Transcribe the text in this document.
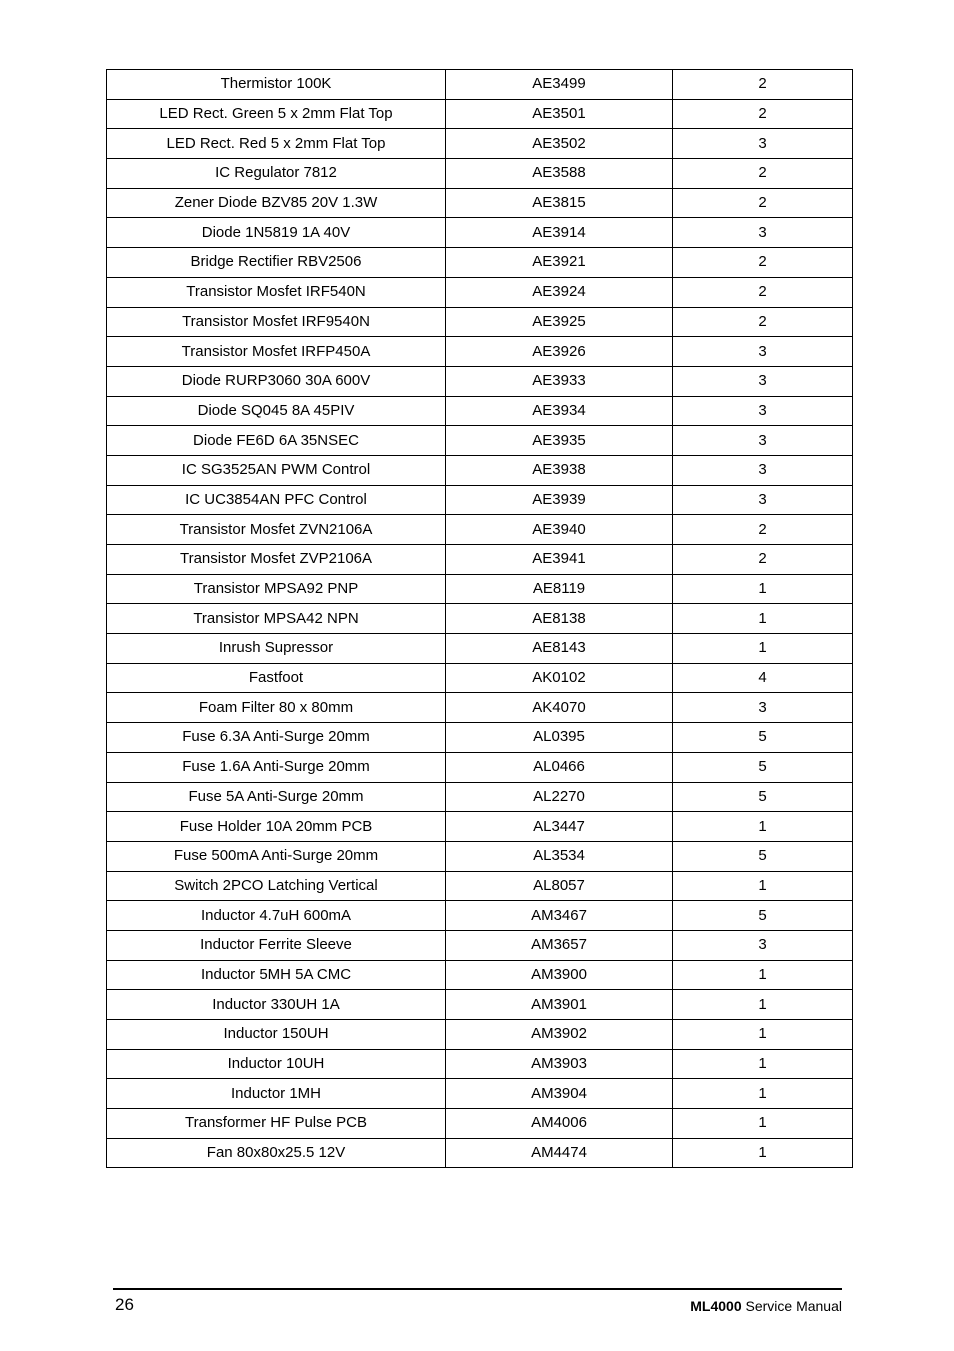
Thermistor 100K	AE3499	2
LED Rect. Green 5 x 2mm Flat Top	AE3501	2
LED Rect. Red 5 x 2mm Flat Top	AE3502	3
IC Regulator 7812	AE3588	2
Zener Diode BZV85 20V 1.3W	AE3815	2
Diode 1N5819 1A 40V	AE3914	3
Bridge Rectifier RBV2506	AE3921	2
Transistor Mosfet IRF540N	AE3924	2
Transistor Mosfet IRF9540N	AE3925	2
Transistor Mosfet IRFP450A	AE3926	3
Diode RURP3060 30A 600V	AE3933	3
Diode SQ045 8A 45PIV	AE3934	3
Diode FE6D 6A 35NSEC	AE3935	3
IC SG3525AN PWM Control	AE3938	3
IC UC3854AN PFC Control	AE3939	3
Transistor Mosfet ZVN2106A	AE3940	2
Transistor Mosfet ZVP2106A	AE3941	2
Transistor MPSA92 PNP	AE8119	1
Transistor MPSA42 NPN	AE8138	1
Inrush Supressor	AE8143	1
Fastfoot	AK0102	4
Foam Filter 80 x 80mm	AK4070	3
Fuse 6.3A Anti-Surge 20mm	AL0395	5
Fuse 1.6A Anti-Surge 20mm	AL0466	5
Fuse 5A Anti-Surge 20mm	AL2270	5
Fuse Holder 10A 20mm PCB	AL3447	1
Fuse 500mA Anti-Surge 20mm	AL3534	5
Switch 2PCO Latching Vertical	AL8057	1
Inductor 4.7uH 600mA	AM3467	5
Inductor Ferrite Sleeve	AM3657	3
Inductor 5MH 5A CMC	AM3900	1
Inductor 330UH 1A	AM3901	1
Inductor 150UH	AM3902	1
Inductor 10UH	AM3903	1
Inductor 1MH	AM3904	1
Transformer HF Pulse PCB	AM4006	1
Fan 80x80x25.5 12V	AM4474	1
26	ML4000 Service Manual
